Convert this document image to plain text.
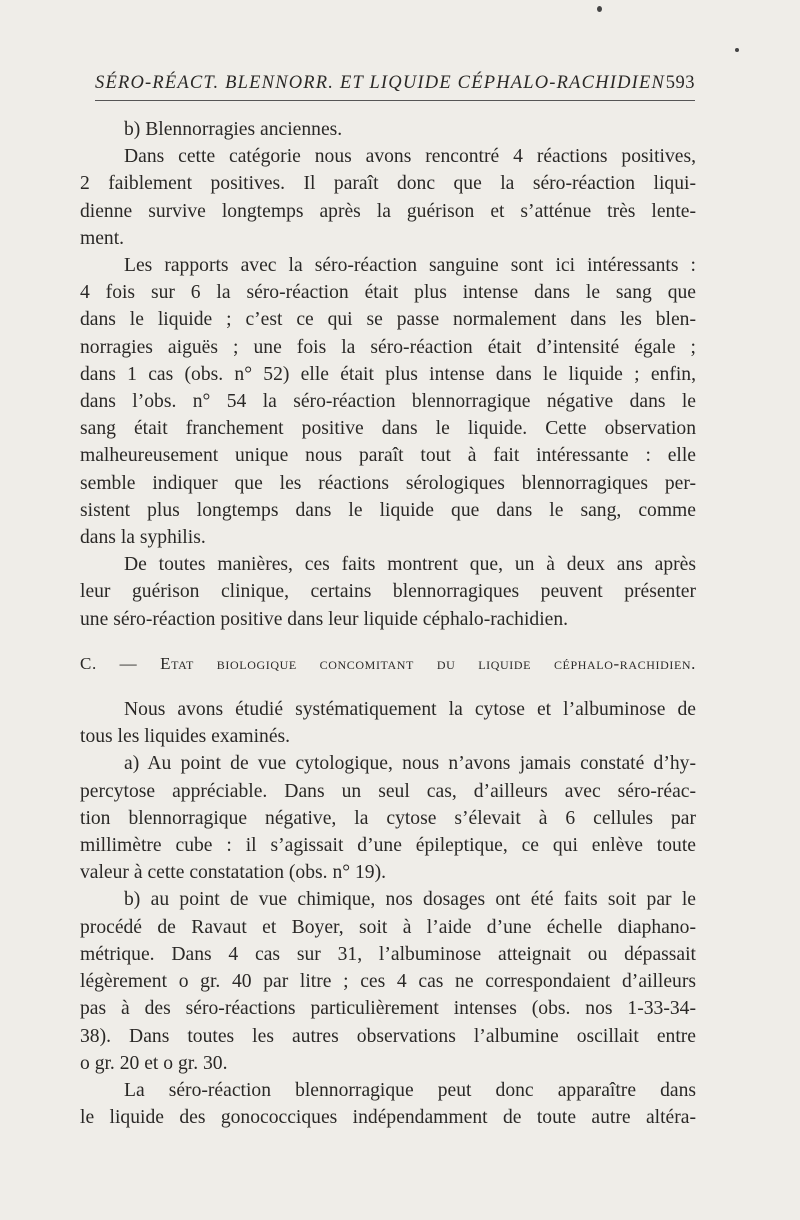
SÉRO-RÉACT. BLENNORR. ET LIQUIDE CÉPHALO-RACHIDIEN 593
b) Blennorragies anciennes.
Dans cette catégorie nous avons rencontré 4 réactions positives,
2 faiblement positives. Il paraît donc que la séro-réaction liqui-
dienne survive longtemps après la guérison et s’atténue très lente-
ment.
Les rapports avec la séro-réaction sanguine sont ici intéressants :
4 fois sur 6 la séro-réaction était plus intense dans le sang que
dans le liquide ; c’est ce qui se passe normalement dans les blen-
norragies aiguës ; une fois la séro-réaction était d’intensité égale ;
dans 1 cas (obs. n° 52) elle était plus intense dans le liquide ; enfin,
dans l’obs. n° 54 la séro-réaction blennorragique négative dans le
sang était franchement positive dans le liquide. Cette observation
malheureusement unique nous paraît tout à fait intéressante : elle
semble indiquer que les réactions sérologiques blennorragiques per-
sistent plus longtemps dans le liquide que dans le sang, comme
dans la syphilis.
De toutes manières, ces faits montrent que, un à deux ans après
leur guérison clinique, certains blennorragiques peuvent présenter
une séro-réaction positive dans leur liquide céphalo-rachidien.
C. — Etat biologique concomitant du liquide céphalo-rachidien.
Nous avons étudié systématiquement la cytose et l’albuminose de
tous les liquides examinés.
a) Au point de vue cytologique, nous n’avons jamais constaté d’hy-
percytose appréciable. Dans un seul cas, d’ailleurs avec séro-réac-
tion blennorragique négative, la cytose s’élevait à 6 cellules par
millimètre cube : il s’agissait d’une épileptique, ce qui enlève toute
valeur à cette constatation (obs. n° 19).
b) au point de vue chimique, nos dosages ont été faits soit par le
procédé de Ravaut et Boyer, soit à l’aide d’une échelle diaphano-
métrique. Dans 4 cas sur 31, l’albuminose atteignait ou dépassait
légèrement o gr. 40 par litre ; ces 4 cas ne correspondaient d’ailleurs
pas à des séro-réactions particulièrement intenses (obs. nos 1-33-34-
38). Dans toutes les autres observations l’albumine oscillait entre
o gr. 20 et o gr. 30.
La séro-réaction blennorragique peut donc apparaître dans
le liquide des gonococciques indépendamment de toute autre altéra-
